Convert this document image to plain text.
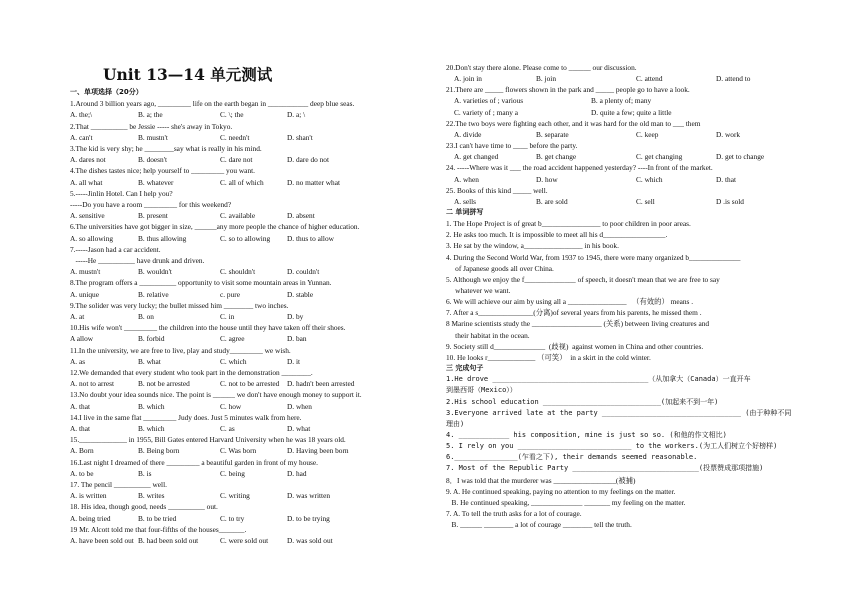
Unit 13—14 单元测试
一、单项选择（20分）
1.Around 3 billion years ago, _________ life on the earth began in ___________ deep blue seas.
A. the;\	B. a; the	C. \; the	D. a; \
2.That __________ be Jessie ----- she's away in Tokyo.
A. can't	B. mustn't	C. needn't	D. shan't
3.The kid is very shy; he ________say what is really in his mind.
A. dares not	B. doesn't	C. dare not	D. dare do not
4.The dishes tastes nice; help yourself to _________ you want.
A. all what	B. whatever	C. all of which	D. no matter what
5.-----Jinlin Hotel. Can I help you?
-----Do you have a room _________ for this weekend?
A. sensitive	B. present	C. available	D. absent
6.The universities have got bigger in size, ______any more people the chance of higher education.
A. so allowing	B. thus allowing	C. so to allowing D. thus to allow
7.-----Jason had a car accident.
-----He __________ have drunk and driven.
A. mustn't	B. wouldn't	C. shouldn't	D. couldn't
8.The program offers a __________ opportunity to visit some mountain areas in Yunnan.
A. unique	B. relative	c. pure	D. stable
9.The solider was very lucky; the bullet missed him ________ two inches.
A. at	B. on	C. in	D. by
10.His wife won't _________ the children into the house until they have taken off their shoes.
A allow	B. forbid	C. agree	D. ban
11.In the university, we are free to live, play and study_________ we wish.
A. as	B. what	C. which	D. it
12.We demanded that every student who took part in the demonstration ________.
A. not to arrest	B. not be arrested	C. not to be arrested D. hadn't been arrested
13.No doubt your idea sounds nice. The point is ______ we don't have enough money to support it.
A. that	B. which	C. how	D. when
14.I live in the same flat _________ Judy does. Just 5 minutes walk from here.
A. that	B. which	C. as	D. what
15._____________ in 1955, Bill Gates entered Harvard University when he was 18 years old.
A. Born	B. Being born	C. Was born	D. Having been born
16.Last night I dreamed of there _________ a beautiful garden in front of my house.
A. to be	B. is	C. being	D. had
17. The pencil __________ well.
A. is written	B. writes	C. writing	D. was written
18. His idea, though good, needs __________ out.
A. being tried	B. to be tried	C. to try	D. to be trying
19 Mr. Alcott told me that four-fifths of the houses_______.
A. have been sold out B. had been sold out	C. were sold out	D. was sold out
20.Don't stay there alone. Please come to ______ our discussion.
A. join in	B. join	C. attend	D. attend to
21.There are _____ flowers shown in the park and _____ people go to have a look.
A. varieties of ; various	B. a plenty of; many
C. variety of ; many a	D. quite a few; quite a little
22.The two boys were fighting each other, and it was hard for the old man to ___ them
A. divide	B. separate	C. keep	D. work
23.I can't have time to ____ before the party.
A. get changed	B. get change	C. get changing	D. get to change
24. -----Where was it ___ the road accident happened yesterday? ----In front of the market.
A. when	D. how	C. which	D. that
25. Books of this kind _____ well.
A. sells	B. are sold	C. sell	D .is sold
二 单词拼写
1. The Hope Project is of great b________________ to poor children in poor areas.
2. He asks too much. It is impossible to meet all his d_________________.
3. He sat by the window, a________________ in his book.
4. During the Second World War, from 1937 to 1945, there were many organized b______________
of Japanese goods all over China.
5. Although we enjoy the f______________ of speech, it doesn't mean that we are free to say
whatever we want.
6. We will achieve our aim by using all a ________________   （有效的） means .
7. After a s_______________(分离)of several years from his parents, he missed them .
8 Marine scientists study the ___________________ (关系) between living creatures and
their habitat in the ocean.
9. Society still d______________  (歧视)  against women in China and other countries.
10. He looks r_____________ （可笑）  in a skirt in the cold winter.
三 完成句子
1.He drove _____________________________________（从加拿大（Canada）一直开车
到墨西哥（Mexico））
2.His school education ____________________________(加起来不到一年)
3.Everyone arrived late at the party _________________________________ (由于种种不同
理由)
4. ____________ his composition, mine is just so so. (和他的作文相比)
5. I rely on you ___________________________ to the workers.(为工人们树立个好榜样)
6._______________(乍看之下), their demands seemed reasonable.
7. Most of the Republic Party ______________________________(投票赞成那项措施)
8．I was told that the murderer was _________________(被捕)
9. A. He continued speaking, paying no attention to my feelings on the matter.
B. He continued speaking, ______________ _______ my feeling on the matter.
7. A. To tell the truth asks for a lot of courage.
B. ______ ________ a lot of courage ________ tell the truth.
